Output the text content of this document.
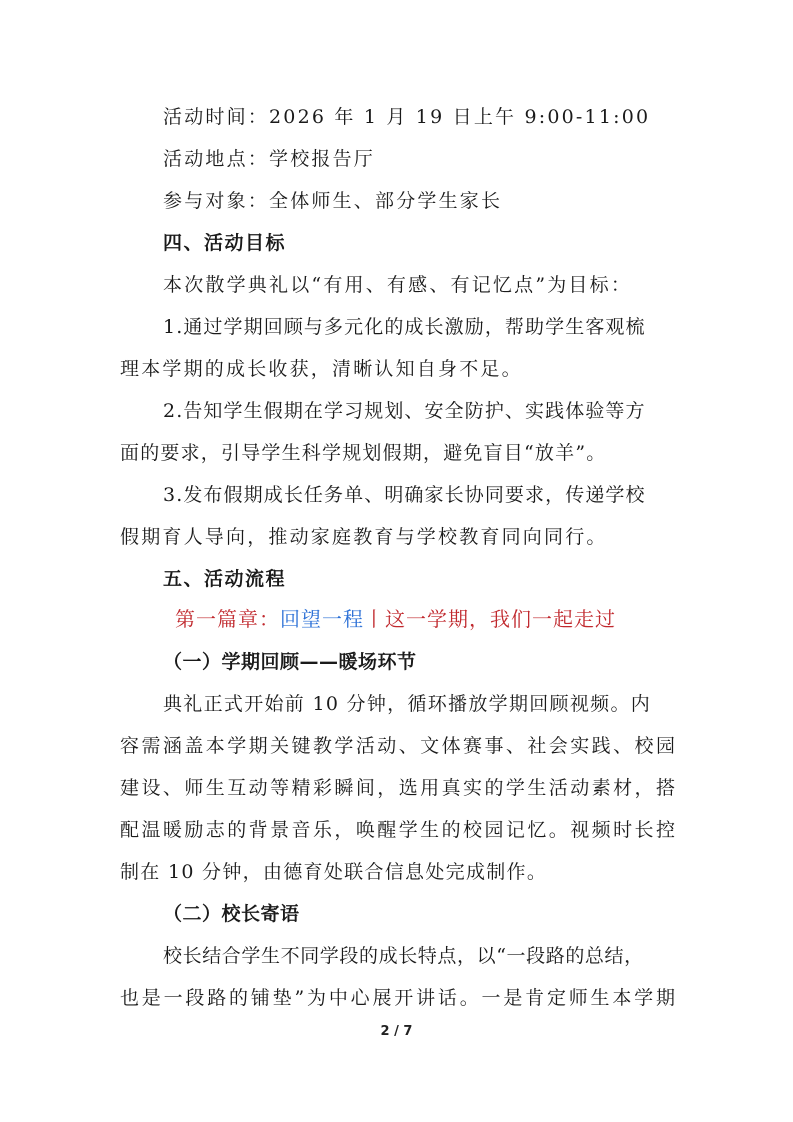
活动时间：2026 年 1 月 19 日上午 9:00-11:00
活动地点：学校报告厅
参与对象：全体师生、部分学生家长
四、活动目标
本次散学典礼以“有用、有感、有记忆点”为目标：
1.通过学期回顾与多元化的成长激励，帮助学生客观梳
理本学期的成长收获，清晰认知自身不足。
2.告知学生假期在学习规划、安全防护、实践体验等方
面的要求，引导学生科学规划假期，避免盲目“放羊”。
3.发布假期成长任务单、明确家长协同要求，传递学校
假期育人导向，推动家庭教育与学校教育同向同行。
五、活动流程
第一篇章：回望一程丨这一学期，我们一起走过
（一）学期回顾——暖场环节
典礼正式开始前 10 分钟，循环播放学期回顾视频。内
容需涵盖本学期关键教学活动、文体赛事、社会实践、校园
建设、师生互动等精彩瞬间，选用真实的学生活动素材，搭
配温暖励志的背景音乐，唤醒学生的校园记忆。视频时长控
制在 10 分钟，由德育处联合信息处完成制作。
（二）校长寄语
校长结合学生不同学段的成长特点，以“一段路的总结，
也是一段路的铺垫”为中心展开讲话。一是肯定师生本学期
2 / 7
